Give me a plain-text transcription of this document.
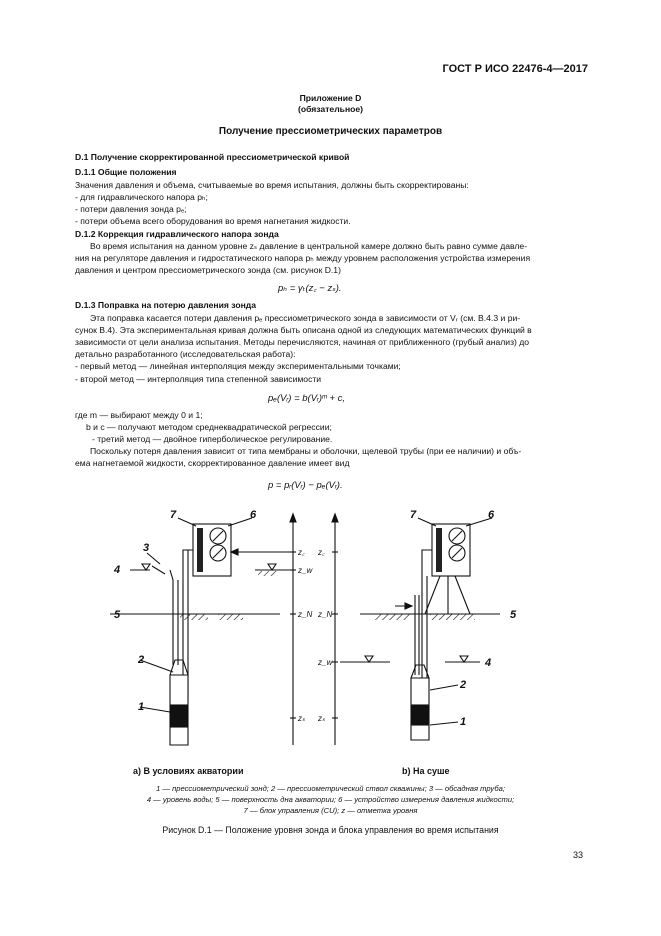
ГОСТ Р ИСО 22476-4—2017
Приложение D
(обязательное)
Получение прессиометрических параметров
D.1 Получение скорректированной прессиометрической кривой
D.1.1 Общие положения
Значения давления и объема, считываемые во время испытания, должны быть скорректированы:
- для гидравлического напора pₕ;
- потери давления зонда pₑ;
- потери объема всего оборудования во время нагнетания жидкости.
D.1.2 Коррекция гидравлического напора зонда
Во время испытания на данном уровне zₛ давление в центральной камере должно быть равно сумме давле-
ния на регуляторе давления и гидростатического напора pₕ между уровнем расположения устройства измерения
давления и центром прессиометрического зонда (см. рисунок D.1)
pₕ = γₜ(z꜀ − zₛ).
D.1.3 Поправка на потерю давления зонда
Эта поправка касается потери давления pₑ прессиометрического зонда в зависимости от Vᵣ (см. В.4.3 и ри-
сунок В.4). Эта экспериментальная кривая должна быть описана одной из следующих математических функций в
зависимости от цели анализа испытания. Методы перечисляются, начиная от приближенного (грубый анализ) до
детально разработанного (исследовательская работа):
- первый метод — линейная интерполяция между экспериментальными точками;
- второй метод — интерполяция типа степенной зависимости
pₑ(Vᵣ) = b(Vᵣ)ᵐ + c,
где m — выбирают между 0 и 1;
b и c — получают методом среднеквадратической регрессии;
- третий метод — двойное гиперболическое регулирование.
Поскольку потеря давления зависит от типа мембраны и оболочки, щелевой трубы (при ее наличии) и объ-
ема нагнетаемой жидкости, скорректированное давление имеет вид
p = pᵣ(Vᵣ) − pₑ(Vᵣ).
7	6
3
4
5
2
1
7	6
5
4
2
1
z꜀
z_w
z_N
zₛ
z꜀
z_N
z_w
zₛ
a) В условиях акватории	b) На суше
1 — прессиометрический зонд; 2 — прессиометрический ствол скважины; 3 — обсадная труба;
4 — уровень воды; 5 — поверхность дна акватории; 6 — устройство измерения давления жидкости;
7 — блок управления (CU); z — отметка уровня
Рисунок D.1 — Положение уровня зонда и блока управления во время испытания
33
